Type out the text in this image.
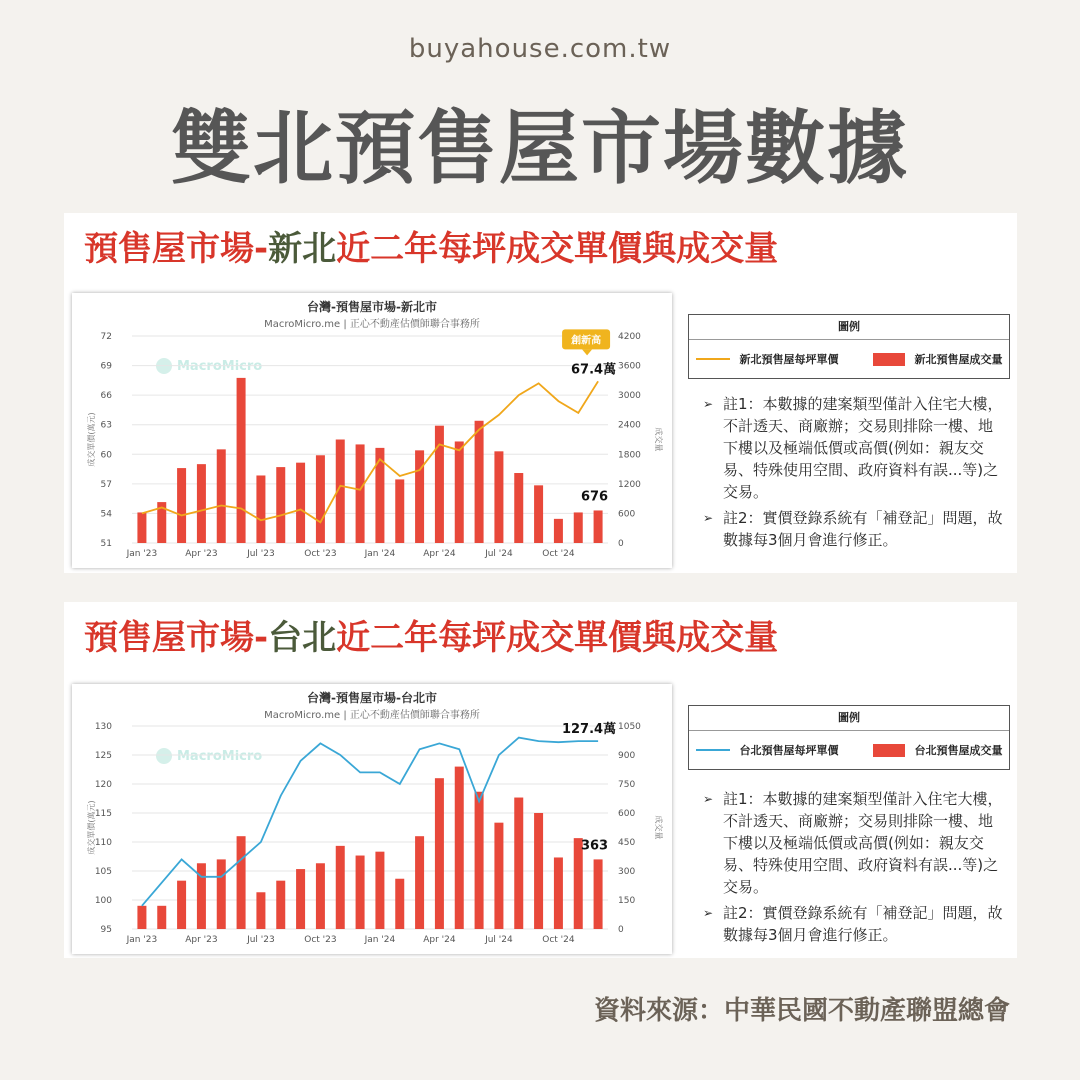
buyahouse.com.tw
雙北預售屋市場數據
預售屋市場-新北近二年每坪成交單價與成交量
台灣-預售屋市場-新北市
MacroMicro.me | 正心不動產估價師聯合事務所
MacroMicro
51
54
57
60
63
66
69
72
0
600
1200
1800
2400
3000
3600
4200
成交單價(萬元)	成交量
Jan '23	Apr '23	Jul '23	Oct '23	Jan '24	Apr '24	Jul '24	Oct '24
67.4萬
676
創新高
圖例
新北預售屋每坪單價	新北預售屋成交量
➢ 註1：本數據的建案類型僅計入住宅大樓，不計透天、商廠辦；交易則排除一樓、地下樓以及極端低價或高價(例如：親友交易、特殊使用空間、政府資料有誤...等)之交易。
➢ 註2：實價登錄系統有「補登記」問題，故數據每3個月會進行修正。
預售屋市場-台北近二年每坪成交單價與成交量
台灣-預售屋市場-台北市
MacroMicro.me | 正心不動產估價師聯合事務所
MacroMicro
95
100
105
110
115
120
125
130
0
150
300
450
600
750
900
1050
成交單價(萬元)	成交量
Jan '23	Apr '23	Jul '23	Oct '23	Jan '24	Apr '24	Jul '24	Oct '24
127.4萬
363
圖例
台北預售屋每坪單價	台北預售屋成交量
➢ 註1：本數據的建案類型僅計入住宅大樓，不計透天、商廠辦；交易則排除一樓、地下樓以及極端低價或高價(例如：親友交易、特殊使用空間、政府資料有誤...等)之交易。
➢ 註2：實價登錄系統有「補登記」問題，故數據每3個月會進行修正。
資料來源：中華民國不動產聯盟總會
